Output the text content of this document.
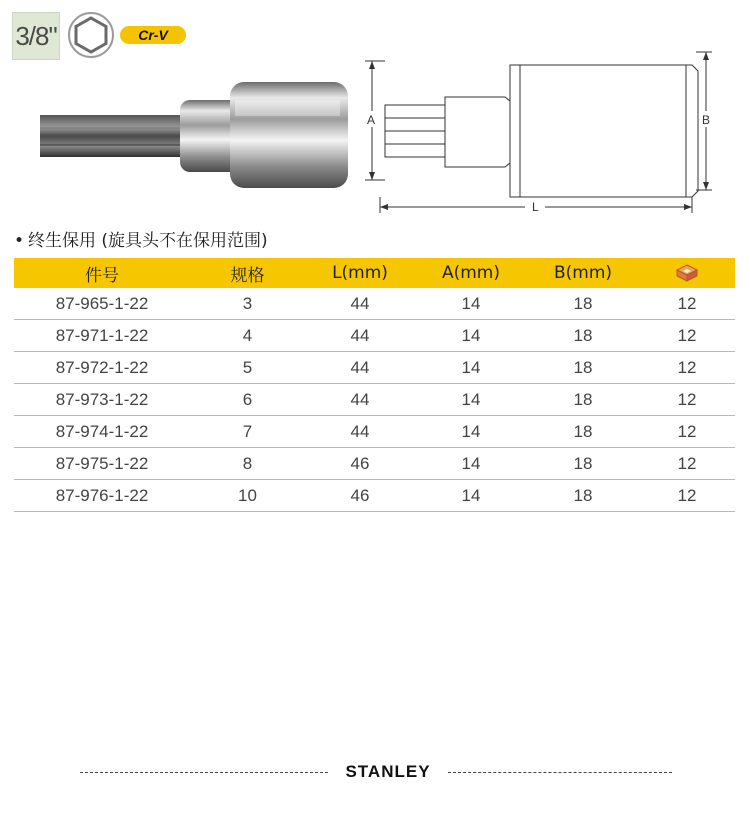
3/8"	Cr-V
A	B
L
• 终生保用 (旋具头不在保用范围)
件号	规格	L(mm)	A(mm)	B(mm)	
87-965-1-22	3	44	14	18	12
87-971-1-22	4	44	14	18	12
87-972-1-22	5	44	14	18	12
87-973-1-22	6	44	14	18	12
87-974-1-22	7	44	14	18	12
87-975-1-22	8	46	14	18	12
87-976-1-22	10	46	14	18	12
STANLEY
